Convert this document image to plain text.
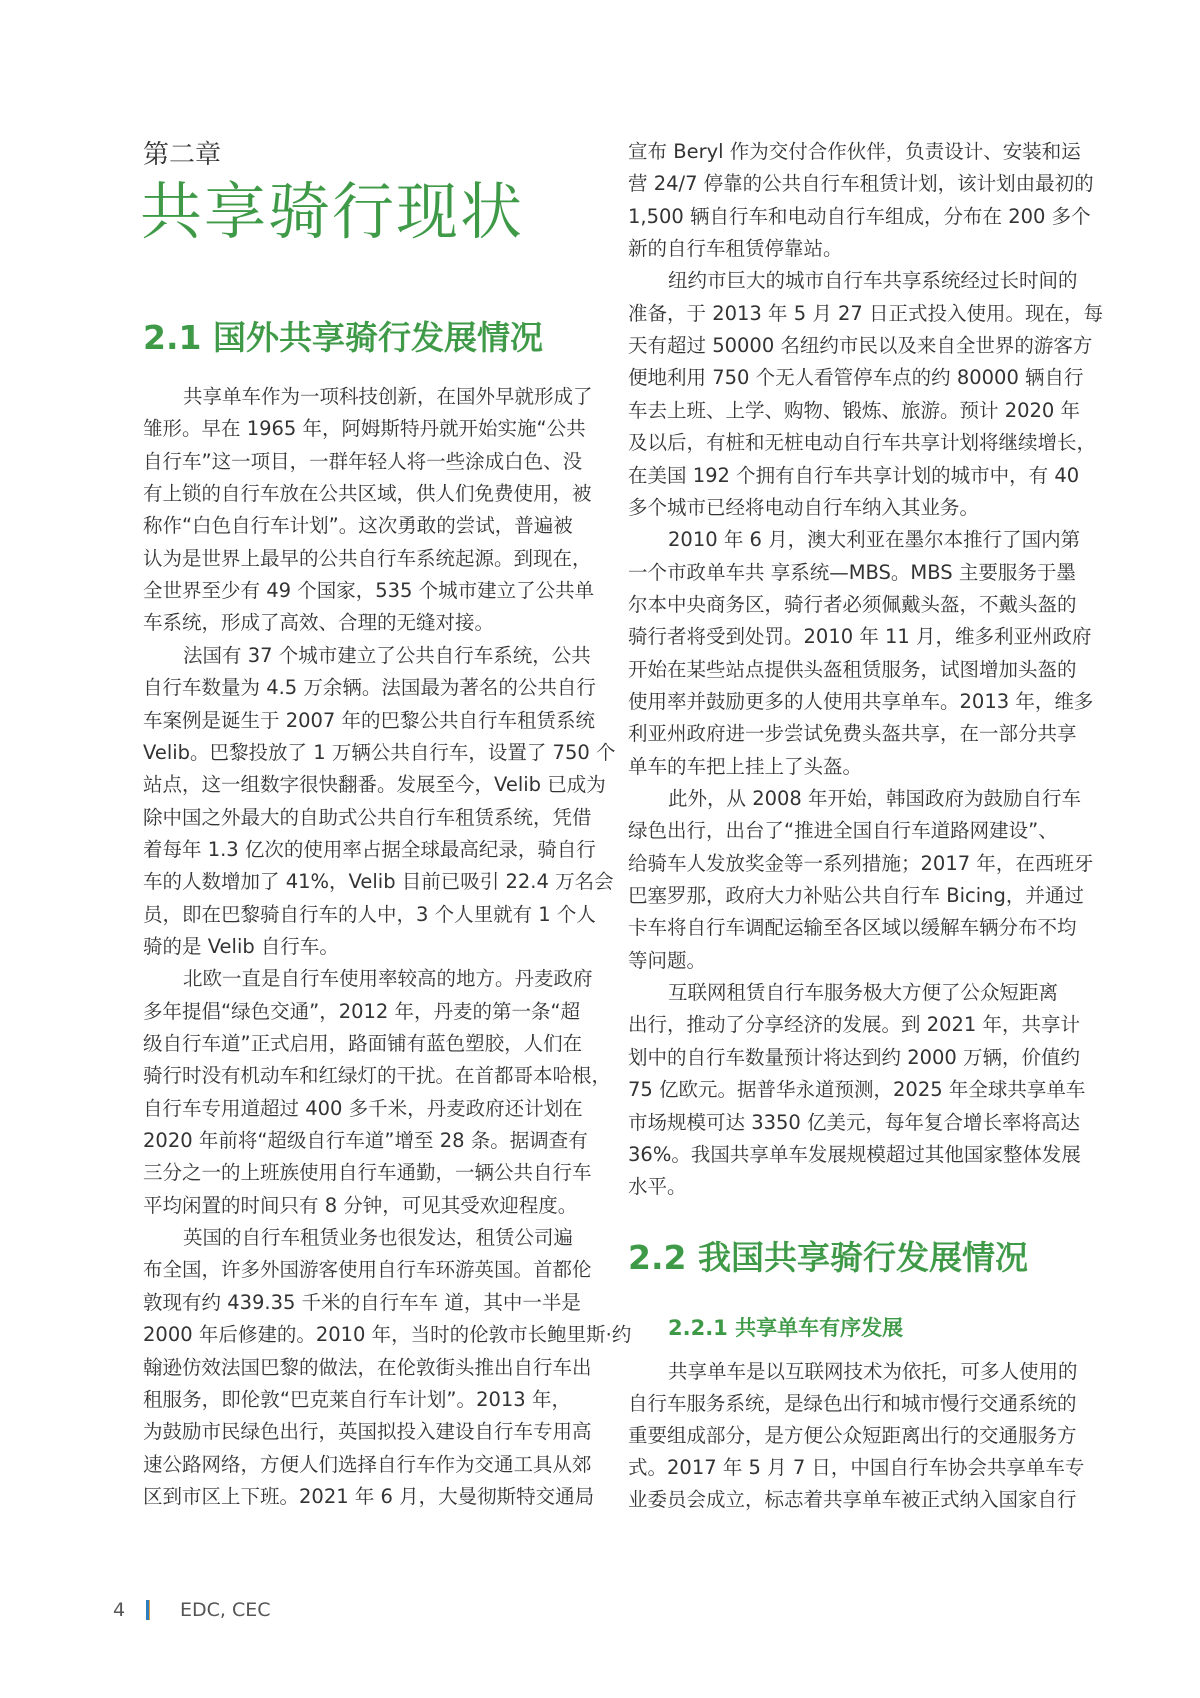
第二章
共享骑行现状
2.1 国外共享骑行发展情况
共享单车作为一项科技创新，在国外早就形成了
雏形。早在 1965 年，阿姆斯特丹就开始实施“公共
自行车”这一项目，一群年轻人将一些涂成白色、没
有上锁的自行车放在公共区域，供人们免费使用，被
称作“白色自行车计划”。这次勇敢的尝试，普遍被
认为是世界上最早的公共自行车系统起源。到现在，
全世界至少有 49 个国家，535 个城市建立了公共单
车系统，形成了高效、合理的无缝对接。
法国有 37 个城市建立了公共自行车系统，公共
自行车数量为 4.5 万余辆。法国最为著名的公共自行
车案例是诞生于 2007 年的巴黎公共自行车租赁系统
Velib。巴黎投放了 1 万辆公共自行车，设置了 750 个
站点，这一组数字很快翻番。发展至今，Velib 已成为
除中国之外最大的自助式公共自行车租赁系统，凭借
着每年 1.3 亿次的使用率占据全球最高纪录，骑自行
车的人数增加了 41%，Velib 目前已吸引 22.4 万名会
员，即在巴黎骑自行车的人中，3 个人里就有 1 个人
骑的是 Velib 自行车。
北欧一直是自行车使用率较高的地方。丹麦政府
多年提倡“绿色交通”，2012 年，丹麦的第一条“超
级自行车道”正式启用，路面铺有蓝色塑胶，人们在
骑行时没有机动车和红绿灯的干扰。在首都哥本哈根，
自行车专用道超过 400 多千米，丹麦政府还计划在
2020 年前将“超级自行车道”增至 28 条。据调查有
三分之一的上班族使用自行车通勤，一辆公共自行车
平均闲置的时间只有 8 分钟，可见其受欢迎程度。
英国的自行车租赁业务也很发达，租赁公司遍
布全国，许多外国游客使用自行车环游英国。首都伦
敦现有约 439.35 千米的自行车车 道，其中一半是
2000 年后修建的。2010 年，当时的伦敦市长鲍里斯·约
翰逊仿效法国巴黎的做法，在伦敦街头推出自行车出
租服务，即伦敦“巴克莱自行车计划”。2013 年，
为鼓励市民绿色出行，英国拟投入建设自行车专用高
速公路网络，方便人们选择自行车作为交通工具从郊
区到市区上下班。2021 年 6 月，大曼彻斯特交通局
宣布 Beryl 作为交付合作伙伴，负责设计、安装和运
营 24/7 停靠的公共自行车租赁计划，该计划由最初的
1,500 辆自行车和电动自行车组成，分布在 200 多个
新的自行车租赁停靠站。
纽约市巨大的城市自行车共享系统经过长时间的
准备，于 2013 年 5 月 27 日正式投入使用。现在，每
天有超过 50000 名纽约市民以及来自全世界的游客方
便地利用 750 个无人看管停车点的约 80000 辆自行
车去上班、上学、购物、锻炼、旅游。预计 2020 年
及以后，有桩和无桩电动自行车共享计划将继续增长，
在美国 192 个拥有自行车共享计划的城市中，有 40
多个城市已经将电动自行车纳入其业务。
2010 年 6 月，澳大利亚在墨尔本推行了国内第
一个市政单车共 享系统—MBS。MBS 主要服务于墨
尔本中央商务区，骑行者必须佩戴头盔，不戴头盔的
骑行者将受到处罚。2010 年 11 月，维多利亚州政府
开始在某些站点提供头盔租赁服务，试图增加头盔的
使用率并鼓励更多的人使用共享单车。2013 年，维多
利亚州政府进一步尝试免费头盔共享，在一部分共享
单车的车把上挂上了头盔。
此外，从 2008 年开始，韩国政府为鼓励自行车
绿色出行，出台了“推进全国自行车道路网建设”、
给骑车人发放奖金等一系列措施；2017 年，在西班牙
巴塞罗那，政府大力补贴公共自行车 Bicing，并通过
卡车将自行车调配运输至各区域以缓解车辆分布不均
等问题。
互联网租赁自行车服务极大方便了公众短距离
出行，推动了分享经济的发展。到 2021 年，共享计
划中的自行车数量预计将达到约 2000 万辆，价值约
75 亿欧元。据普华永道预测，2025 年全球共享单车
市场规模可达 3350 亿美元，每年复合增长率将高达
36%。我国共享单车发展规模超过其他国家整体发展
水平。
2.2 我国共享骑行发展情况
2.2.1 共享单车有序发展
共享单车是以互联网技术为依托，可多人使用的
自行车服务系统，是绿色出行和城市慢行交通系统的
重要组成部分，是方便公众短距离出行的交通服务方
式。2017 年 5 月 7 日，中国自行车协会共享单车专
业委员会成立，标志着共享单车被正式纳入国家自行
4	EDC, CEC
